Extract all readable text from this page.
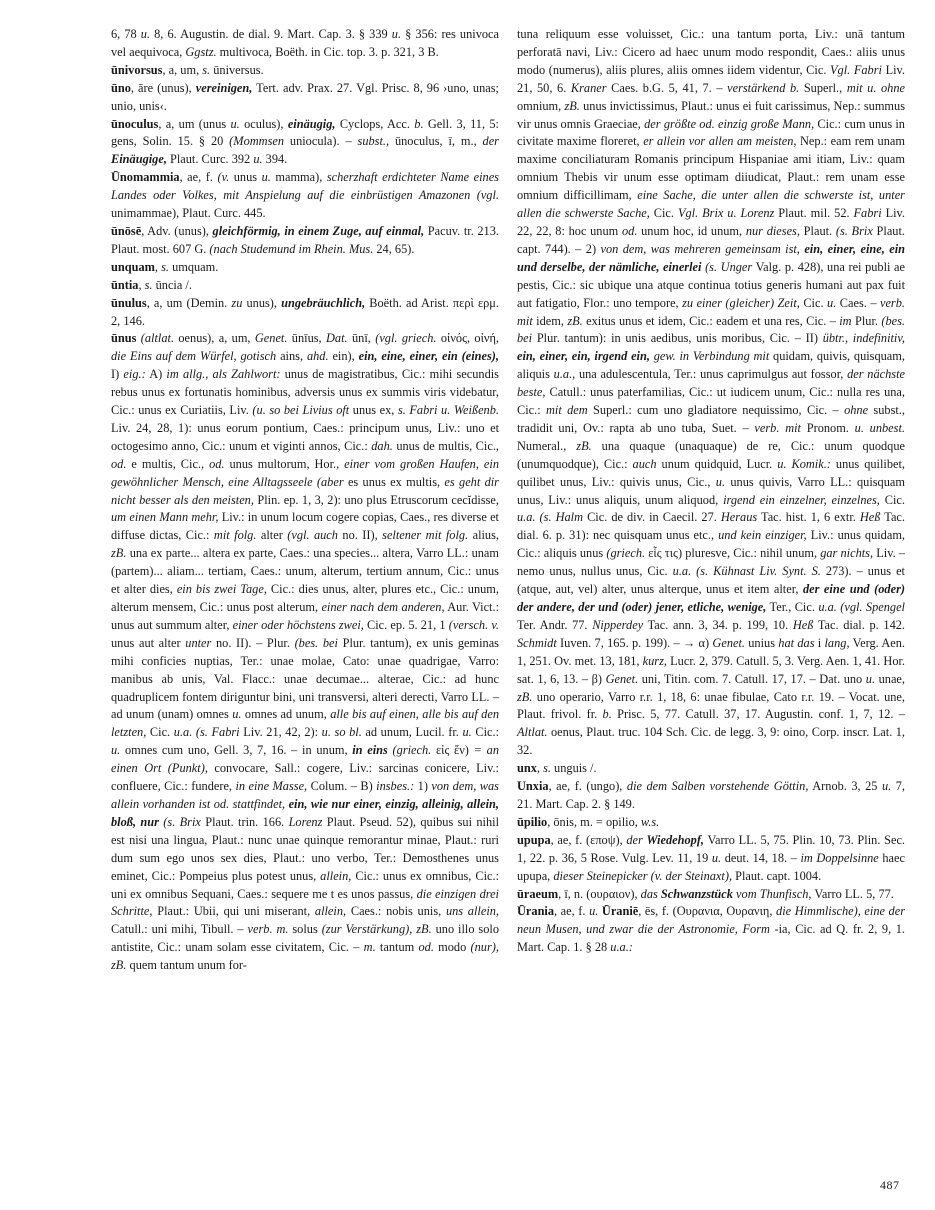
6, 78 u. 8, 6. Augustin. de dial. 9. Mart. Cap. 3. § 339 u. § 356: res univoca vel aequivoca, Ggstz. multivoca, Boëth. in Cic. top. 3. p. 321, 3 B.

ūnivorsus, a, um, s. ūniversus.

ūno, āre (unus), vereinigen, Tert. adv. Prax. 27. Vgl. Prisc. 8, 96 ›uno, unas; unio, unis‹.

ūnoculus, a, um (unus u. oculus), einäugig, Cyclops, Acc. b. Gell. 3, 11, 5: gens, Solin. 15. § 20 (Mommsen uniocula). – subst., ūnoculus, ī, m., der Einäugige, Plaut. Curc. 392 u. 394.

Ūnomammia, ae, f. (v. unus u. mamma), scherzhaft erdichteter Name eines Landes oder Volkes, mit Anspielung auf die einbrüstigen Amazonen (vgl. unimammae), Plaut. Curc. 445.

ūnōsē, Adv. (unus), gleichförmig, in einem Zuge, auf einmal, Pacuv. tr. 213. Plaut. most. 607 G. (nach Studemund im Rhein. Mus. 24, 65).

unquam, s. umquam.

ūntia, s. ūncia /.

ūnulus, a, um (Demin. zu unus), ungebräuchlich, Boëth. ad Arist. περὶ ερμ. 2, 146.

ūnus (altlat. oenus), a, um, Genet. ūnīus, Dat. ūnī, (vgl. griech. οἰνός, οἰνή, die Eins auf dem Würfel, gotisch ains, ahd. ein), ein, eine, einer, ein (eines), I) eig.: A) im allg., als Zahlwort: unus de magistratibus, Cic.: mihi secundis rebus unus ex fortunatis hominibus, adversis unus ex summis viris videbatur, Cic.: unus ex Curiatiis, Liv. (u. so bei Livius oft unus ex, s. Fabri u. Weißenb. Liv. 24, 28, 1): unus eorum pontium, Caes.: principum unus, Liv.: uno et octogesimo anno, Cic.: unum et viginti annos, Cic.: dah. unus de multis, Cic., od. e multis, Cic., od. unus multorum, Hor., einer vom großen Haufen, ein gewöhnlicher Mensch, eine Alltagsseele (aber es unus ex multis, es geht dir nicht besser als den meisten, Plin. ep. 1, 3, 2): uno plus Etruscorum cecĭdisse, um einen Mann mehr, Liv.: in unum locum cogere copias, Caes., res diverse et diffuse dictas, Cic.: mit folg. alter (vgl. auch no. II), seltener mit folg. alius, zB. una ex parte... altera ex parte, Caes.: una species... altera, Varro LL.: unam (partem)... aliam... tertiam, Caes.: unum, alterum, tertium annum, Cic.: unus et alter dies, ein bis zwei Tage, Cic.: dies unus, alter, plures etc., Cic.: unum, alterum mensem, Cic.: unus post alterum, einer nach dem anderen, Aur. Vict.: unus aut summum alter, einer oder höchstens zwei, Cic. ep. 5. 21, 1 (versch. v. unus aut alter unter no. II). – Plur. (bes. bei Plur. tantum), ex unis geminas mihi conficies nuptias, Ter.: unae molae, Cato: unae quadrigae, Varro: manibus ab unis, Val. Flacc.: unae decumae... alterae, Cic.: ad hunc quadruplicem fontem diriguntur bini, uni transversi, alteri derecti, Varro LL. – ad unum (unam) omnes u. omnes ad unum, alle bis auf einen, alle bis auf den letzten, Cic. u.a. (s. Fabri Liv. 21, 42, 2): u. so bl. ad unum, Lucil. fr. u. Cic.: u. omnes cum uno, Gell. 3, 7, 16. – in unum, in eins (griech. εἰς ἕν) = an einen Ort (Punkt), convocare, Sall.: cogere, Liv.: sarcinas conicere, Liv.: confluere, Cic.: fundere, in eine Masse, Colum. – B) insbes.: 1) von dem, was allein vorhanden ist od. stattfindet, ein, wie nur einer, einzig, alleinig, allein, bloß, nur (s. Brix Plaut. trin. 166. Lorenz Plaut. Pseud. 52), quibus sui nihil est nisi una lingua, Plaut.: nunc unae quinque remorantur minae, Plaut.: ruri dum sum ego unos sex dies, Plaut.: uno verbo, Ter.: Demosthenes unus eminet, Cic.: Pompeius plus potest unus, allein, Cic.: unus ex omnibus, Cic.: uni ex omnibus Sequani, Caes.: sequere me t es unos passus, die einzigen drei Schritte, Plaut.: Ubii, qui uni miserant, allein, Caes.: nobis unis, uns allein, Catull.: uni mihi, Tibull. – verb. m. solus (zur Verstärkung), zB. uno illo solo antistite, Cic.: unam solam esse civitatem, Cic. – m. tantum od. modo (nur), zB. quem tantum unum for-

tuna reliquum esse voluisset, Cic.: una tantum porta, Liv.: unā tantum perforatā navi, Liv.: Cicero ad haec unum modo respondit, Caes.: aliis unus modo (numerus), aliis plures, aliis omnes iidem videntur, Cic. Vgl. Fabri Liv. 21, 50, 6. Kraner Caes. b.G. 5, 41, 7. – verstärkend b. Superl., mit u. ohne omnium, zB. unus invictissimus, Plaut.: unus ei fuit carissimus, Nep.: summus vir unus omnis Graeciae, der größte od. einzig große Mann, Cic.: cum unus in civitate maxime floreret, er allein vor allen am meisten, Nep.: eam rem unam maxime conciliaturam Romanis principum Hispaniae ami itiam, Liv.: quam omnium Thebis vir unum esse optimam diiudicat, Plaut.: rem unam esse omnium difficillimam, eine Sache, die unter allen die schwerste ist, unter allen die schwerste Sache, Cic. Vgl. Brix u. Lorenz Plaut. mil. 52. Fabri Liv. 22, 22, 8: hoc unum od. unum hoc, id unum, nur dieses, Plaut. (s. Brix Plaut. capt. 744). – 2) von dem, was mehreren gemeinsam ist, ein, einer, eine, ein und derselbe, der nämliche, einerlei (s. Unger Valg. p. 428), una rei publi ae pestis, Cic.: sic ubique una atque continua totius generis humani aut pax fuit aut fatigatio, Flor.: uno tempore, zu einer (gleicher) Zeit, Cic. u. Caes. – verb. mit idem, zB. exitus unus et idem, Cic.: eadem et una res, Cic. – im Plur. (bes. bei Plur. tantum): in unis aedibus, unis moribus, Cic. – II) übtr., indefinitiv, ein, einer, ein, irgend ein, gew. in Verbindung mit quidam, quivis, quisquam, aliquis u.a., una adulescentula, Ter.: unus caprimulgus aut fossor, der nächste beste, Catull.: unus paterfamilias, Cic.: ut iudicem unum, Cic.: nulla res una, Cic.: mit dem Superl.: cum uno gladiatore nequissimo, Cic. – ohne subst., tradidit uni, Ov.: rapta ab uno tuba, Suet. – verb. mit Pronom. u. unbest. Numeral., zB. una quaque (unaquaque) de re, Cic.: unum quodque (unumquodque), Cic.: auch unum quidquid, Lucr. u. Komik.: unus quilibet, quilibet unus, Liv.: quivis unus, Cic., u. unus quivis, Varro LL.: quisquam unus, Liv.: unus aliquis, unum aliquod, irgend ein einzelner, einzelnes, Cic. u.a. (s. Halm Cic. de div. in Caecil. 27. Heraus Tac. hist. 1, 6 extr. Heß Tac. dial. 6. p. 31): nec quisquam unus etc., und kein einziger, Liv.: unus quidam, Cic.: aliquis unus (griech. εἷς τις) pluresve, Cic.: nihil unum, gar nichts, Liv. – nemo unus, nullus unus, Cic. u.a. (s. Kühnast Liv. Synt. S. 273). – unus et (atque, aut, vel) alter, unus alterque, unus et item alter, der eine und (oder) der andere, der und (oder) jener, etliche, wenige, Ter., Cic. u.a. (vgl. Spengel Ter. Andr. 77. Nipperdey Tac. ann. 3, 34. p. 199, 10. Heß Tac. dial. p. 142. Schmidt Iuven. 7, 165. p. 199). – → α) Genet. unius hat das i lang, Verg. Aen. 1, 251. Ov. met. 13, 181, kurz, Lucr. 2, 379. Catull. 5, 3. Verg. Aen. 1, 41. Hor. sat. 1, 6, 13. – β) Genet. uni, Titin. com. 7. Catull. 17, 17. – Dat. uno u. unae, zB. uno operario, Varro r.r. 1, 18, 6: unae fibulae, Cato r.r. 19. – Vocat. une, Plaut. frivol. fr. b. Prisc. 5, 77. Catull. 37, 17. Augustin. conf. 1, 7, 12. – Altlat. oenus, Plaut. truc. 104 Sch. Cic. de legg. 3, 9: oino, Corp. inscr. Lat. 1, 32.

unx, s. unguis /.

Unxia, ae, f. (ungo), die dem Salben vorstehende Göttin, Arnob. 3, 25 u. 7, 21. Mart. Cap. 2. § 149.

ūpilio, ōnis, m. = opilio, w.s.

upupa, ae, f. (εποψ), der Wiedehopf, Varro LL. 5, 75. Plin. 10, 73. Plin. Sec. 1, 22. p. 36, 5 Rose. Vulg. Lev. 11, 19 u. deut. 14, 18. – im Doppelsinne haec upupa, dieser Steinepicker (v. der Steinaxt), Plaut. capt. 1004.

ūraeum, ī, n. (ουραιον), das Schwanzstück vom Thunfisch, Varro LL. 5, 77.

Ūrania, ae, f. u. Ūraniē, ēs, f. (Ουρανια, Ουρανιη, die Himmlische), eine der neun Musen, und zwar die der Astronomie, Form -ia, Cic. ad Q. fr. 2, 9, 1. Mart. Cap. 1. § 28 u.a.:

487
